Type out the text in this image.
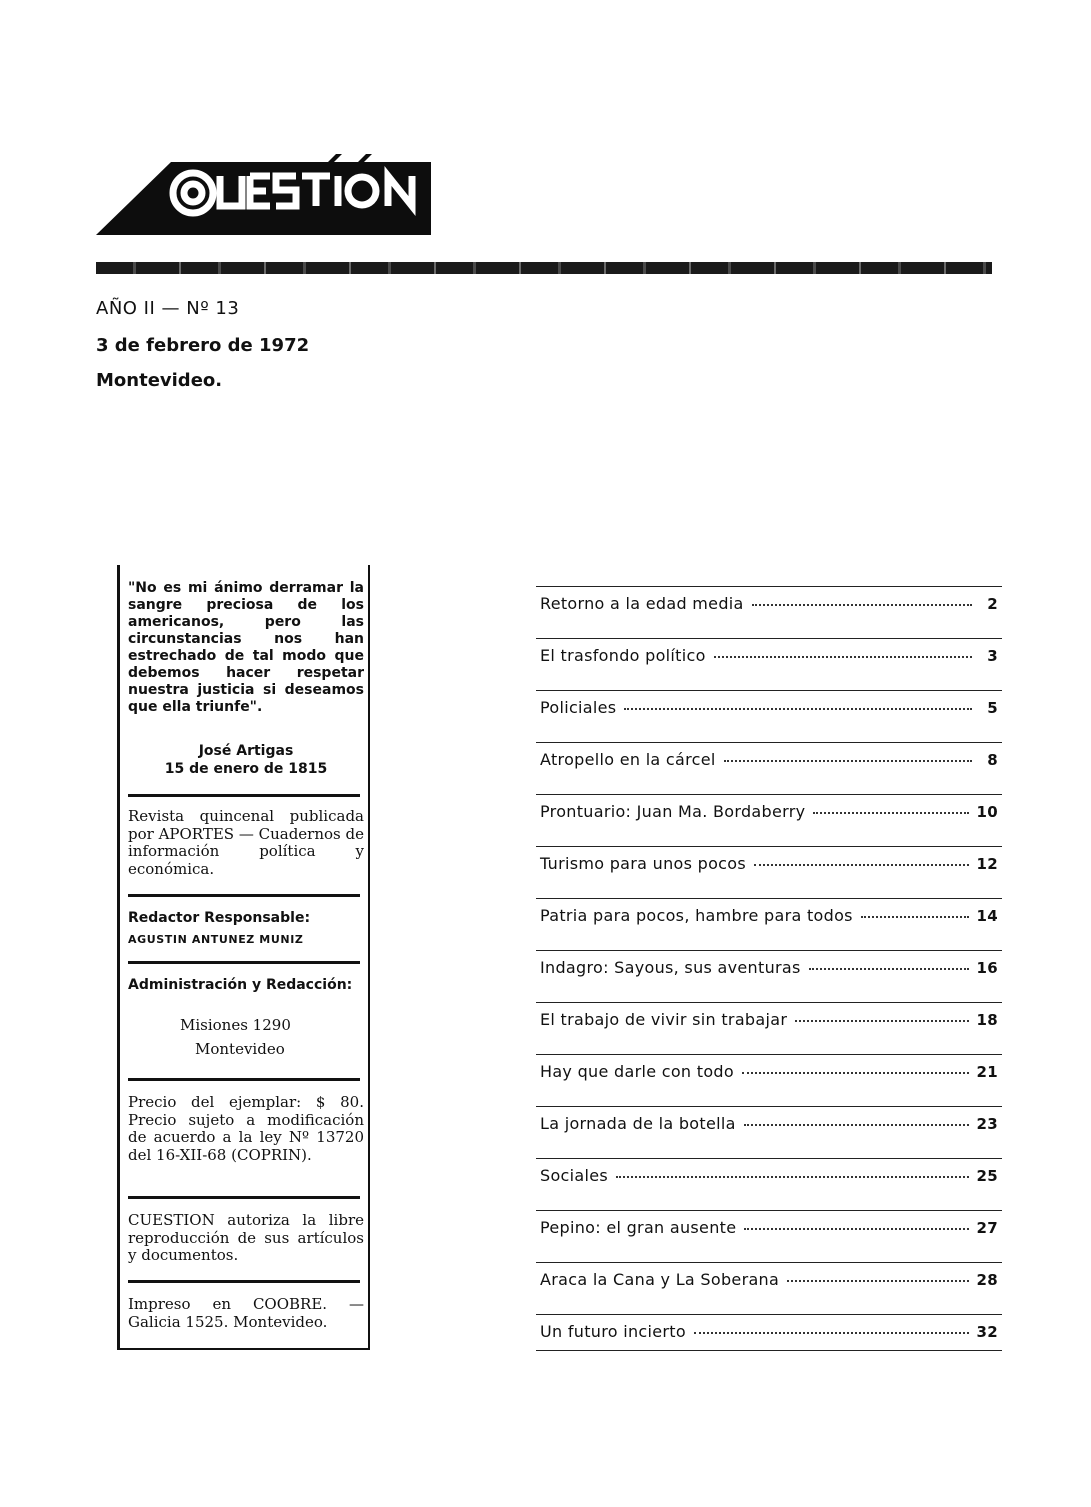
AÑO II — Nº 13
3 de febrero de 1972
Montevideo.
"No es mi ánimo derramar la sangre preciosa de los americanos, pero las circunstancias nos han estrechado de tal modo que debemos hacer respetar nuestra justicia si deseamos que ella triunfe".
José Artigas
15 de enero de 1815
Revista quincenal publicada por APORTES — Cuadernos de información política y económica.
Redactor Responsable:
AGUSTIN ANTUNEZ MUNIZ
Administración y Redacción:
Misiones 1290
Montevideo
Precio del ejemplar: $ 80. Precio sujeto a modificación de acuerdo a la ley Nº 13720 del 16-XII-68 (COPRIN).
CUESTION autoriza la libre reproducción de sus artículos y documentos.
Impreso en COOBRE. — Galicia 1525. Montevideo.
Retorno a la edad media	2
El trasfondo político	3
Policiales	5
Atropello en la cárcel	8
Prontuario: Juan Ma. Bordaberry	10
Turismo para unos pocos	12
Patria para pocos, hambre para todos	14
Indagro: Sayous, sus aventuras	16
El trabajo de vivir sin trabajar	18
Hay que darle con todo	21
La jornada de la botella	23
Sociales	25
Pepino: el gran ausente	27
Araca la Cana y La Soberana	28
Un futuro incierto	32
